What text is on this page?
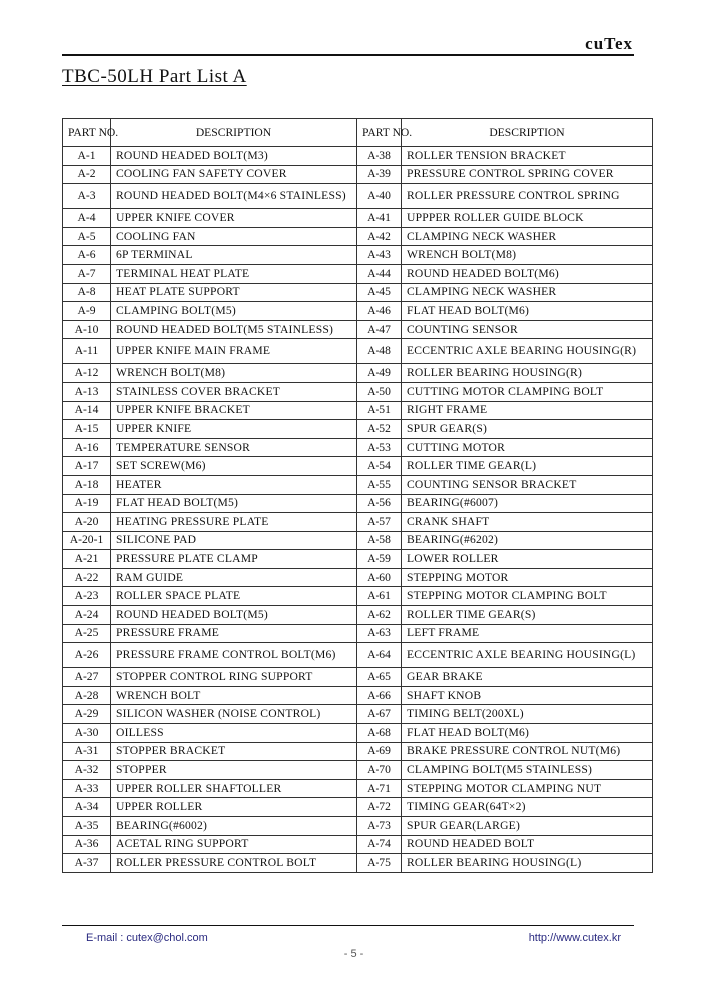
cuTex
TBC-50LH Part List A
PART NO.	DESCRIPTION	PART NO.	DESCRIPTION
A-1	ROUND HEADED BOLT(M3)	A-38	ROLLER TENSION BRACKET
A-2	COOLING FAN SAFETY COVER	A-39	PRESSURE CONTROL SPRING COVER
A-3	ROUND HEADED BOLT(M4×6 STAINLESS)	A-40	ROLLER PRESSURE CONTROL SPRING
A-4	UPPER KNIFE COVER	A-41	UPPPER ROLLER GUIDE BLOCK
A-5	COOLING FAN	A-42	CLAMPING NECK WASHER
A-6	6P TERMINAL	A-43	WRENCH BOLT(M8)
A-7	TERMINAL HEAT PLATE	A-44	ROUND HEADED BOLT(M6)
A-8	HEAT PLATE SUPPORT	A-45	CLAMPING NECK WASHER
A-9	CLAMPING BOLT(M5)	A-46	FLAT HEAD BOLT(M6)
A-10	ROUND HEADED BOLT(M5 STAINLESS)	A-47	COUNTING SENSOR
A-11	UPPER KNIFE MAIN FRAME	A-48	ECCENTRIC AXLE BEARING HOUSING(R)
A-12	WRENCH BOLT(M8)	A-49	ROLLER BEARING HOUSING(R)
A-13	STAINLESS COVER BRACKET	A-50	CUTTING MOTOR CLAMPING BOLT
A-14	UPPER KNIFE BRACKET	A-51	RIGHT FRAME
A-15	UPPER KNIFE	A-52	SPUR GEAR(S)
A-16	TEMPERATURE SENSOR	A-53	CUTTING MOTOR
A-17	SET SCREW(M6)	A-54	ROLLER TIME GEAR(L)
A-18	HEATER	A-55	COUNTING SENSOR BRACKET
A-19	FLAT HEAD BOLT(M5)	A-56	BEARING(#6007)
A-20	HEATING PRESSURE PLATE	A-57	CRANK SHAFT
A-20-1	SILICONE PAD	A-58	BEARING(#6202)
A-21	PRESSURE PLATE CLAMP	A-59	LOWER ROLLER
A-22	RAM GUIDE	A-60	STEPPING MOTOR
A-23	ROLLER SPACE PLATE	A-61	STEPPING MOTOR CLAMPING BOLT
A-24	ROUND HEADED BOLT(M5)	A-62	ROLLER TIME GEAR(S)
A-25	PRESSURE FRAME	A-63	LEFT FRAME
A-26	PRESSURE FRAME CONTROL BOLT(M6)	A-64	ECCENTRIC AXLE BEARING HOUSING(L)
A-27	STOPPER CONTROL RING SUPPORT	A-65	GEAR BRAKE
A-28	WRENCH BOLT	A-66	SHAFT KNOB
A-29	SILICON WASHER (NOISE CONTROL)	A-67	TIMING BELT(200XL)
A-30	OILLESS	A-68	FLAT HEAD BOLT(M6)
A-31	STOPPER BRACKET	A-69	BRAKE PRESSURE CONTROL NUT(M6)
A-32	STOPPER	A-70	CLAMPING BOLT(M5 STAINLESS)
A-33	UPPER ROLLER SHAFTOLLER	A-71	STEPPING MOTOR CLAMPING NUT
A-34	UPPER ROLLER	A-72	TIMING GEAR(64T×2)
A-35	BEARING(#6002)	A-73	SPUR GEAR(LARGE)
A-36	ACETAL RING SUPPORT	A-74	ROUND HEADED BOLT
A-37	ROLLER PRESSURE CONTROL BOLT	A-75	ROLLER BEARING HOUSING(L)
E-mail : cutex@chol.com	http://www.cutex.kr
- 5 -
